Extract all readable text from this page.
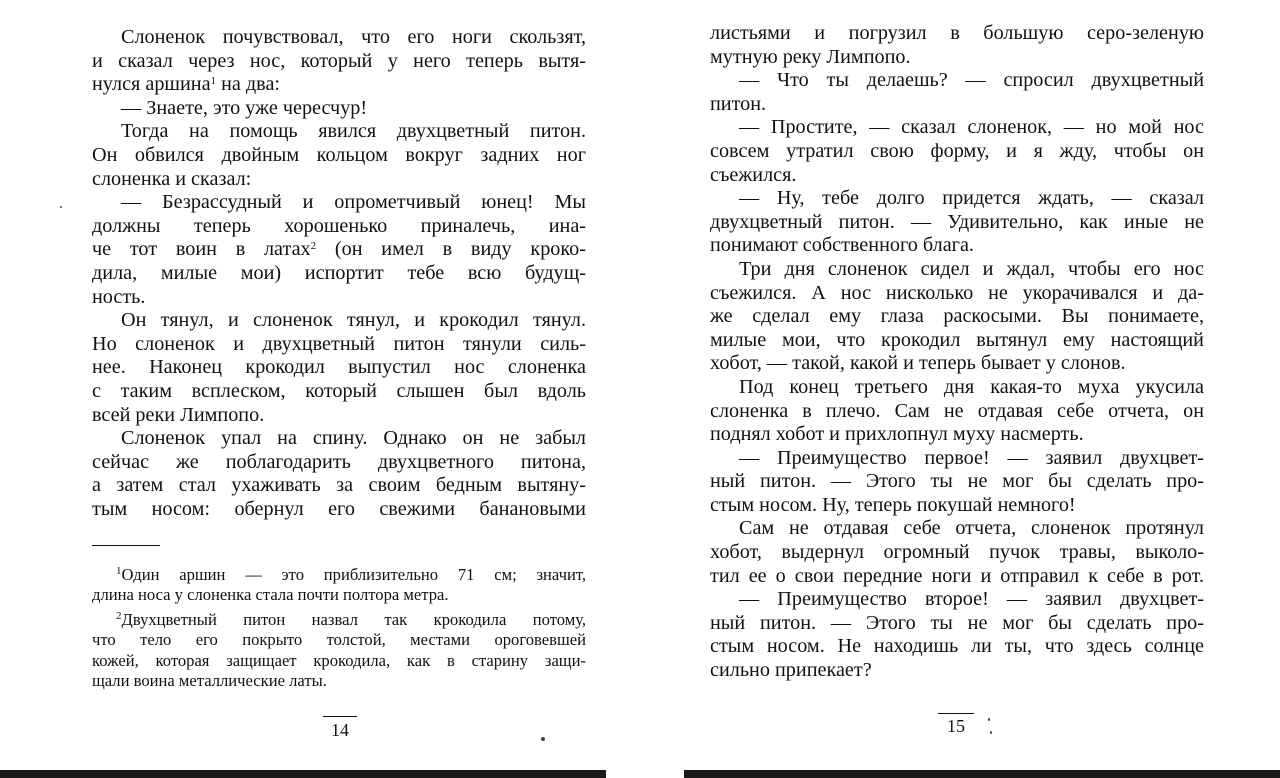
Слоненок почувствовал, что его ноги скользят,
и сказал через нос, который у него теперь вытя-
нулся аршина$^1$ на два:
— Знаете, это уже чересчур!
Тогда на помощь явился двухцветный питон.
Он обвился двойным кольцом вокруг задних ног
слоненка и сказал:
— Безрассудный и опрометчивый юнец! Мы
должны теперь хорошенько приналечь, ина-
че тот воин в латах$^2$ (он имел в виду кроко-
дила, милые мои) испортит тебе всю будущ-
ность.
Он тянул, и слоненок тянул, и крокодил тянул.
Но слоненок и двухцветный питон тянули силь-
нее. Наконец крокодил выпустил нос слоненка
с таким всплеском, который слышен был вдоль
всей реки Лимпопо.
Слоненок упал на спину. Однако он не забыл
сейчас же поблагодарить двухцветного питона,
а затем стал ухаживать за своим бедным вытяну-
тым носом: обернул его свежими банановыми
$^1$Один аршин — это приблизительно 71 см; значит,
длина носа у слоненка стала почти полтора метра.
$^2$Двухцветный питон назвал так крокодила потому,
что тело его покрыто толстой, местами ороговевшей
кожей, которая защищает крокодила, как в старину защи-
щали воина металлические латы.
14
листьями и погрузил в большую серо-зеленую
мутную реку Лимпопо.
— Что ты делаешь? — спросил двухцветный
питон.
— Простите, — сказал слоненок, — но мой нос
совсем утратил свою форму, и я жду, чтобы он
съежился.
— Ну, тебе долго придется ждать, — сказал
двухцветный питон. — Удивительно, как иные не
понимают собственного блага.
Три дня слоненок сидел и ждал, чтобы его нос
съежился. А нос нисколько не укорачивался и да-
же сделал ему глаза раскосыми. Вы понимаете,
милые мои, что крокодил вытянул ему настоящий
хобот, — такой, какой и теперь бывает у слонов.
Под конец третьего дня какая-то муха укусила
слоненка в плечо. Сам не отдавая себе отчета, он
поднял хобот и прихлопнул муху насмерть.
— Преимущество первое! — заявил двухцвет-
ный питон. — Этого ты не мог бы сделать про-
стым носом. Ну, теперь покушай немного!
Сам не отдавая себе отчета, слоненок протянул
хобот, выдернул огромный пучок травы, выколо-
тил ее о свои передние ноги и отправил к себе в рот.
— Преимущество второе! — заявил двухцвет-
ный питон. — Этого ты не мог бы сделать про-
стым носом. Не находишь ли ты, что здесь солнце
сильно припекает?
15
